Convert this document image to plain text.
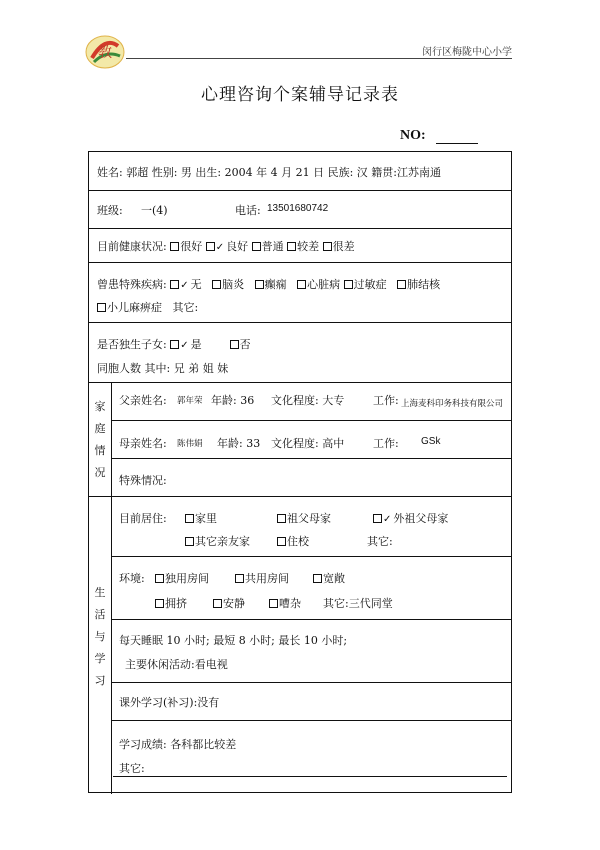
教	闵行区梅陇中心小学
心理咨询个案辅导记录表
NO:
姓名: 郭超 性别: 男 出生: 2004 年 4 月 21 日 民族: 汉 籍贯:江苏南通
班级: 一(4)	电话: 13501680742
目前健康状况: 很好 ✓ 良好 普通 较差 很差
曾患特殊疾病: ✓ 无 脑炎 癫痫 心脏病 过敏症 肺结核
小儿麻痹症 其它:
是否独生子女: ✓ 是	否
同胞人数 其中: 兄 弟 姐 妹
家
庭
情
况
父亲姓名: 郭年荣 年龄: 36 文化程度: 大专	工作: 上海麦科印务科技有限公司
母亲姓名: 陈伟娟 年龄: 33 文化程度: 高中	工作: GSk
特殊情况:
生
活
与
学
习
目前居住:	家里	祖父母家	✓ 外祖父母家
其它亲友家	住校	其它:
环境:	独用房间	共用房间	宽敞
拥挤	安静	嘈杂 其它:三代同堂
每天睡眠 10 小时; 最短 8 小时; 最长 10 小时;
主要休闲活动:看电视
课外学习(补习):没有
学习成绩: 各科都比较差
其它:
